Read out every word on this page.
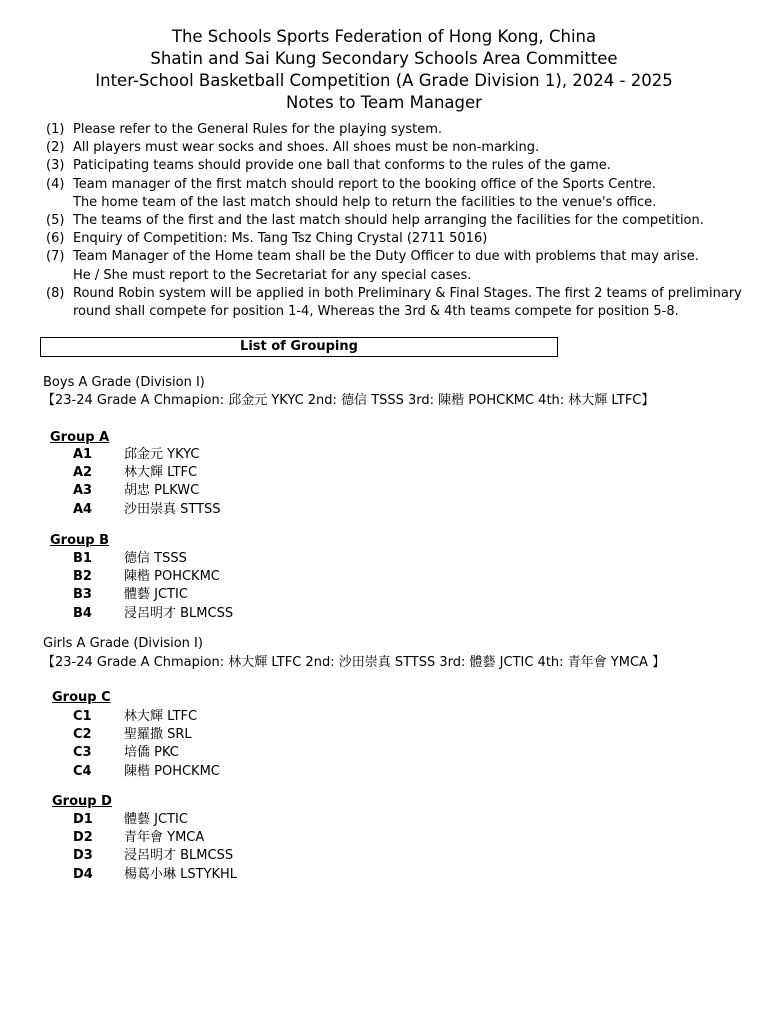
The Schools Sports Federation of Hong Kong, China
Shatin and Sai Kung Secondary Schools Area Committee
Inter-School Basketball Competition (A Grade Division 1), 2024 - 2025
Notes to Team Manager
(1) Please refer to the General Rules for the playing system.
(2) All players must wear socks and shoes. All shoes must be non-marking.
(3) Paticipating teams should provide one ball that conforms to the rules of the game.
(4) Team manager of the first match should report to the booking office of the Sports Centre.
The home team of the last match should help to return the facilities to the venue's office.
(5) The teams of the first and the last match should help arranging the facilities for the competition.
(6) Enquiry of Competition: Ms. Tang Tsz Ching Crystal (2711 5016)
(7) Team Manager of the Home team shall be the Duty Officer to due with problems that may arise.
He / She must report to the Secretariat for any special cases.
(8) Round Robin system will be applied in both Preliminary & Final Stages. The first 2 teams of preliminary
round shall compete for position 1-4, Whereas the 3rd & 4th teams compete for position 5-8.
List of Grouping
Boys A Grade (Division I)
【23-24 Grade A Chmapion: 邱金元 YKYC 2nd: 德信 TSSS 3rd: 陳楷 POHCKMC 4th: 林大輝 LTFC】
Group A
A1	邱金元 YKYC
A2	林大輝 LTFC
A3	胡忠 PLKWC
A4	沙田崇真 STTSS
Group B
B1	德信 TSSS
B2	陳楷 POHCKMC
B3	體藝 JCTIC
B4	浸呂明才 BLMCSS
Girls A Grade (Division I)
【23-24 Grade A Chmapion: 林大輝 LTFC 2nd: 沙田崇真 STTSS 3rd: 體藝 JCTIC 4th: 青年會 YMCA 】
Group C
C1	林大輝 LTFC
C2	聖羅撒 SRL
C3	培僑 PKC
C4	陳楷 POHCKMC
Group D
D1	體藝 JCTIC
D2	青年會 YMCA
D3	浸呂明才 BLMCSS
D4	楊葛小琳 LSTYKHL
